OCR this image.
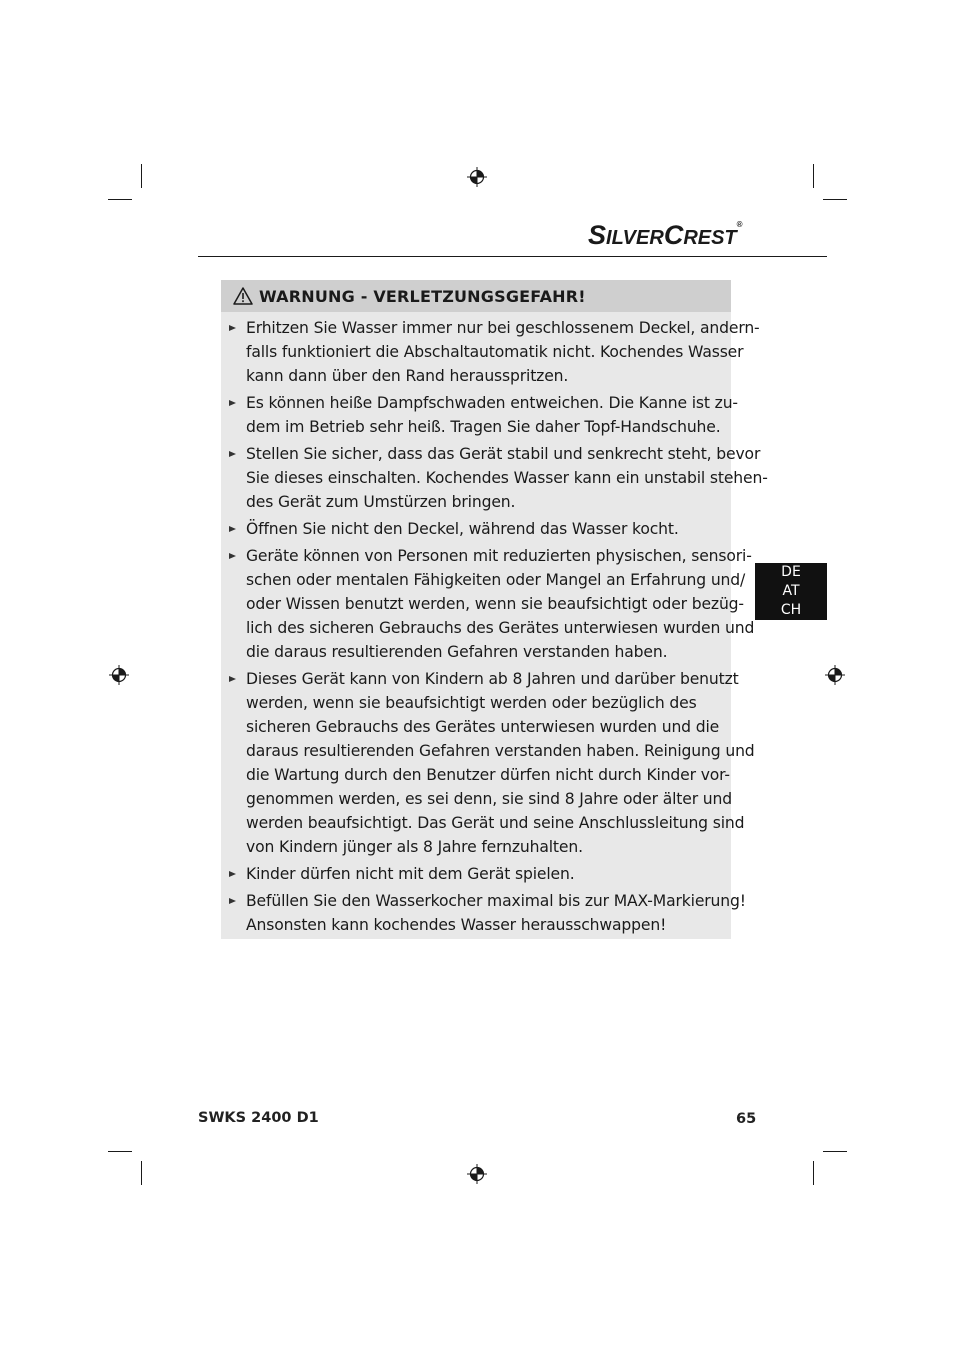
SILVERCREST®
WARNUNG - VERLETZUNGSGEFAHR!
Erhitzen Sie Wasser immer nur bei geschlossenem Deckel, andern-
falls funktioniert die Abschaltautomatik nicht. Kochendes Wasser
kann dann über den Rand herausspritzen.
Es können heiße Dampfschwaden entweichen. Die Kanne ist zu-
dem im Betrieb sehr heiß. Tragen Sie daher Topf-Handschuhe.
Stellen Sie sicher, dass das Gerät stabil und senkrecht steht, bevor
Sie dieses einschalten. Kochendes Wasser kann ein unstabil stehen-
des Gerät zum Umstürzen bringen.
Öffnen Sie nicht den Deckel, während das Wasser kocht.
Geräte können von Personen mit reduzierten physischen, sensori-
schen oder mentalen Fähigkeiten oder Mangel an Erfahrung und/
oder Wissen benutzt werden, wenn sie beaufsichtigt oder bezüg-
lich des sicheren Gebrauchs des Gerätes unterwiesen wurden und
die daraus resultierenden Gefahren verstanden haben.
Dieses Gerät kann von Kindern ab 8 Jahren und darüber benutzt
werden, wenn sie beaufsichtigt werden oder bezüglich des
sicheren Gebrauchs des Gerätes unterwiesen wurden und die
daraus resultierenden Gefahren verstanden haben. Reinigung und
die Wartung durch den Benutzer dürfen nicht durch Kinder vor-
genommen werden, es sei denn, sie sind 8 Jahre oder älter und
werden beaufsichtigt. Das Gerät und seine Anschlussleitung sind
von Kindern jünger als 8 Jahre fernzuhalten.
Kinder dürfen nicht mit dem Gerät spielen.
Befüllen Sie den Wasserkocher maximal bis zur MAX-Markierung!
Ansonsten kann kochendes Wasser herausschwappen!
DE
AT
CH
SWKS 2400 D1	65
